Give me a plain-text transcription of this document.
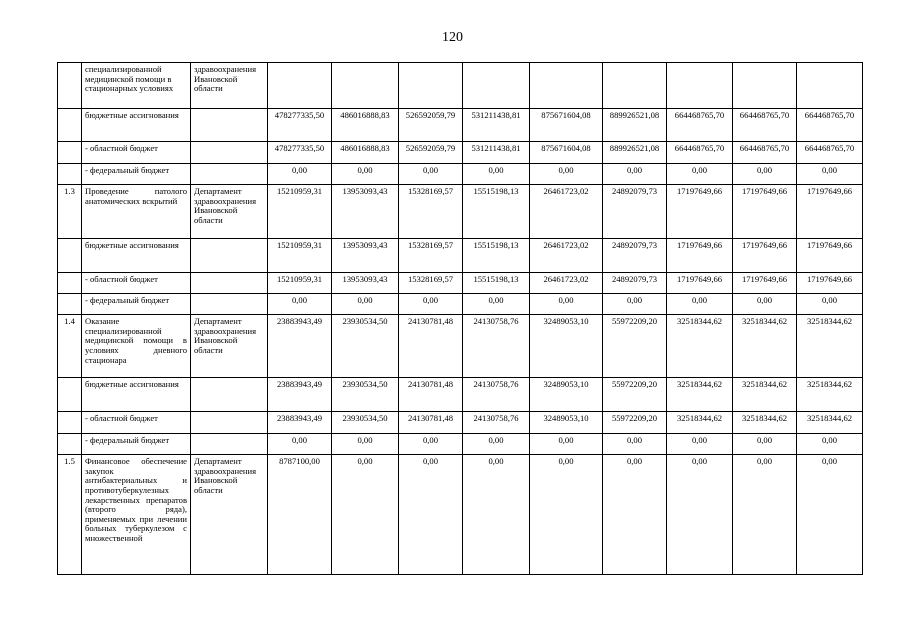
120
	специализированной медицинской помощи в стационарных условиях	здравоохранения Ивановской области									
	бюджетные ассигнования		478277335,50	486016888,83	526592059,79	531211438,81	875671604,08	889926521,08	664468765,70	664468765,70	664468765,70
	- областной бюджет		478277335,50	486016888,83	526592059,79	531211438,81	875671604,08	889926521,08	664468765,70	664468765,70	664468765,70
	- федеральный бюджет		0,00	0,00	0,00	0,00	0,00	0,00	0,00	0,00	0,00
1.3	Проведение патолого анатомических вскрытий	Департамент здравоохранения Ивановской области	15210959,31	13953093,43	15328169,57	15515198,13	26461723,02	24892079,73	17197649,66	17197649,66	17197649,66
	бюджетные ассигнования		15210959,31	13953093,43	15328169,57	15515198,13	26461723,02	24892079,73	17197649,66	17197649,66	17197649,66
	- областной бюджет		15210959,31	13953093,43	15328169,57	15515198,13	26461723,02	24892079,73	17197649,66	17197649,66	17197649,66
	- федеральный бюджет		0,00	0,00	0,00	0,00	0,00	0,00	0,00	0,00	0,00
1.4	Оказание специализированной медицинской помощи в условиях дневного стационара	Департамент здравоохранения Ивановской области	23883943,49	23930534,50	24130781,48	24130758,76	32489053,10	55972209,20	32518344,62	32518344,62	32518344,62
	бюджетные ассигнования		23883943,49	23930534,50	24130781,48	24130758,76	32489053,10	55972209,20	32518344,62	32518344,62	32518344,62
	- областной бюджет		23883943,49	23930534,50	24130781,48	24130758,76	32489053,10	55972209,20	32518344,62	32518344,62	32518344,62
	- федеральный бюджет		0,00	0,00	0,00	0,00	0,00	0,00	0,00	0,00	0,00
1.5	Финансовое обеспечение закупок антибактериальных и противотуберкулезных лекарственных препаратов (второго ряда), применяемых при лечении больных туберкулезом с множественной	Департамент здравоохранения Ивановской области	8787100,00	0,00	0,00	0,00	0,00	0,00	0,00	0,00	0,00
